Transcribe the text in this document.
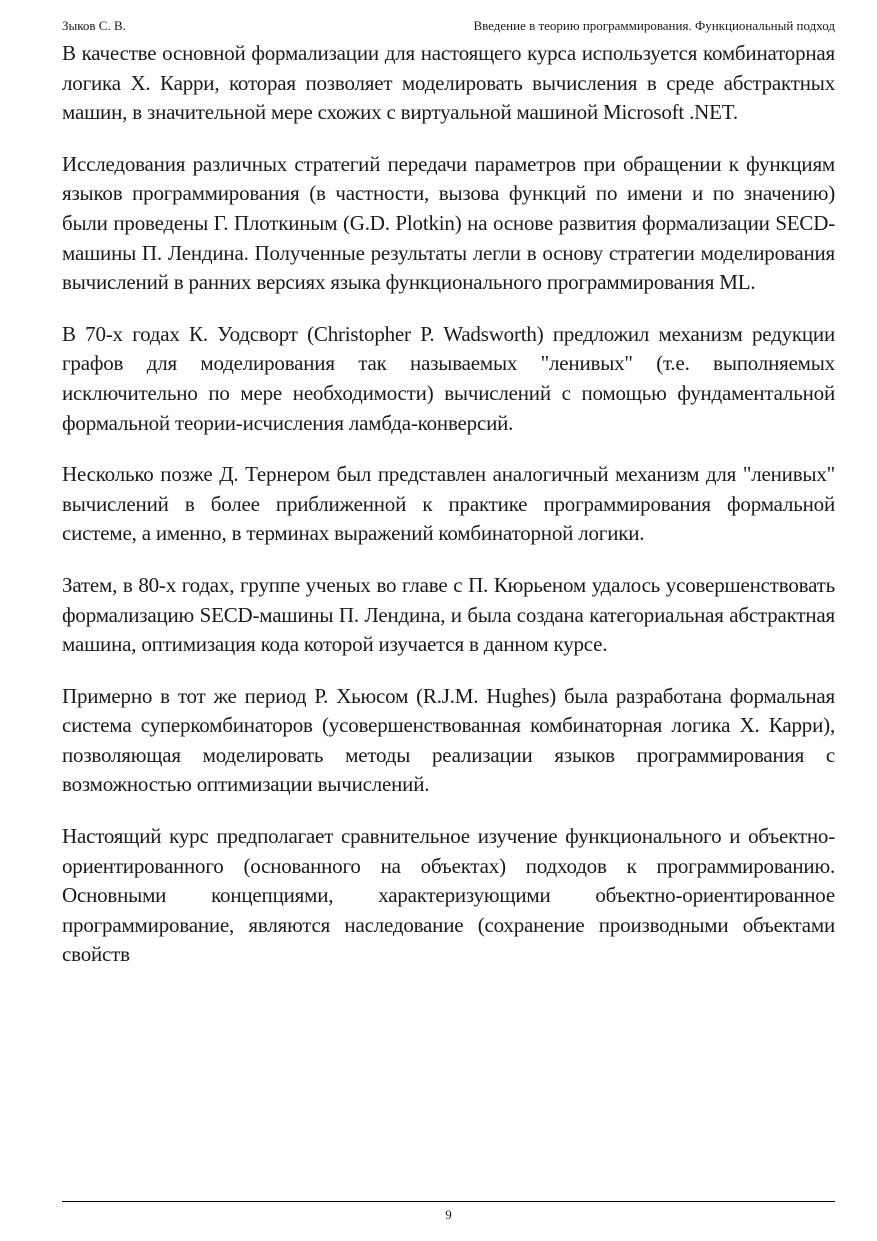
Зыков С. В.	Введение в теорию программирования. Функциональный подход

В качестве основной формализации для настоящего курса используется комбинаторная логика Х. Карри, которая позволяет моделировать вычисления в среде абстрактных машин, в значительной мере схожих с виртуальной машиной Microsoft .NET.

Исследования различных стратегий передачи параметров при обращении к функциям языков программирования (в частности, вызова функций по имени и по значению) были проведены Г. Плоткиным (G.D. Plotkin) на основе развития формализации SECD-машины П. Лендина. Полученные результаты легли в основу стратегии моделирования вычислений в ранних версиях языка функционального программирования ML.

В 70-х годах К. Уодсворт (Christopher P. Wadsworth) предложил механизм редукции графов для моделирования так называемых "ленивых" (т.е. выполняемых исключительно по мере необходимости) вычислений с помощью фундаментальной формальной теории-исчисления ламбда-конверсий.

Несколько позже Д. Тернером был представлен аналогичный механизм для "ленивых" вычислений в более приближенной к практике программирования формальной системе, а именно, в терминах выражений комбинаторной логики.

Затем, в 80-х годах, группе ученых во главе с П. Кюрьеном удалось усовершенствовать формализацию SECD-машины П. Лендина, и была создана категориальная абстрактная машина, оптимизация кода которой изучается в данном курсе.

Примерно в тот же период Р. Хьюсом (R.J.M. Hughes) была разработана формальная система суперкомбинаторов (усовершенствованная комбинаторная логика Х. Карри), позволяющая моделировать методы реализации языков программирования с возможностью оптимизации вычислений.

Настоящий курс предполагает сравнительное изучение функционального и объектно-ориентированного (основанного на объектах) подходов к программированию. Основными концепциями, характеризующими объектно-ориентированное программирование, являются наследование (сохранение производными объектами свойств

9
